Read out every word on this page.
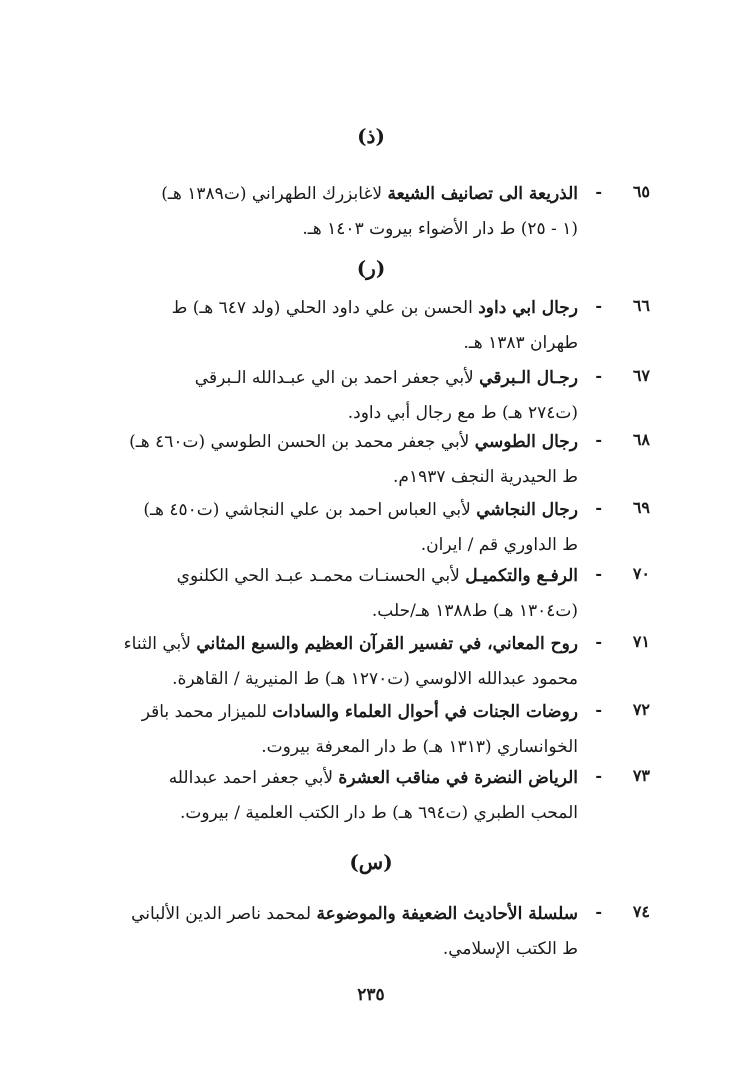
(ذ)
٦٥
-
الذريعة الى تصانيف الشيعة لاغابزرك الطهراني (ت١٣٨٩ هـ)
(١ - ٢٥) ط دار الأضواء بيروت ١٤٠٣ هـ.
(ر)
٦٦
-
رجال ابي داود الحسن بن علي داود الحلي (ولد ٦٤٧ هـ) ط
طهران ١٣٨٣ هـ.
٦٧
-
رجـال الـبرقي لأبي جعفر احمد بن الي عبـدالله الـبرقي
(ت٢٧٤ هـ) ط مع رجال أبي داود.
٦٨
-
رجال الطوسي لأبي جعفر محمد بن الحسن الطوسي (ت٤٦٠ هـ)
ط الحيدرية النجف ١٩٣٧م.
٦٩
-
رجال النجاشي لأبي العباس احمد بن علي النجاشي (ت٤٥٠ هـ)
ط الداوري قم / ايران.
٧٠
-
الرفـع والتكميـل لأبي الحسنـات محمـد عبـد الحي الكلنوي
(ت١٣٠٤ هـ) ط١٣٨٨ هـ/حلب.
٧١
-
روح المعاني، في تفسير القرآن العظيم والسبع المثاني لأبي الثناء
محمود عبدالله الالوسي (ت١٢٧٠ هـ) ط المنيرية / القاهرة.
٧٢
-
روضات الجنات في أحوال العلماء والسادات للميزار محمد باقر
الخوانساري (١٣١٣ هـ) ط دار المعرفة بيروت.
٧٣
-
الرياض النضرة في مناقب العشرة لأبي جعفر احمد عبدالله
المحب الطبري (ت٦٩٤ هـ) ط دار الكتب العلمية / بيروت.
(س)
٧٤
-
سلسلة الأحاديث الضعيفة والموضوعة لمحمد ناصر الدين الألباني
ط الكتب الإسلامي.
٢٣٥
